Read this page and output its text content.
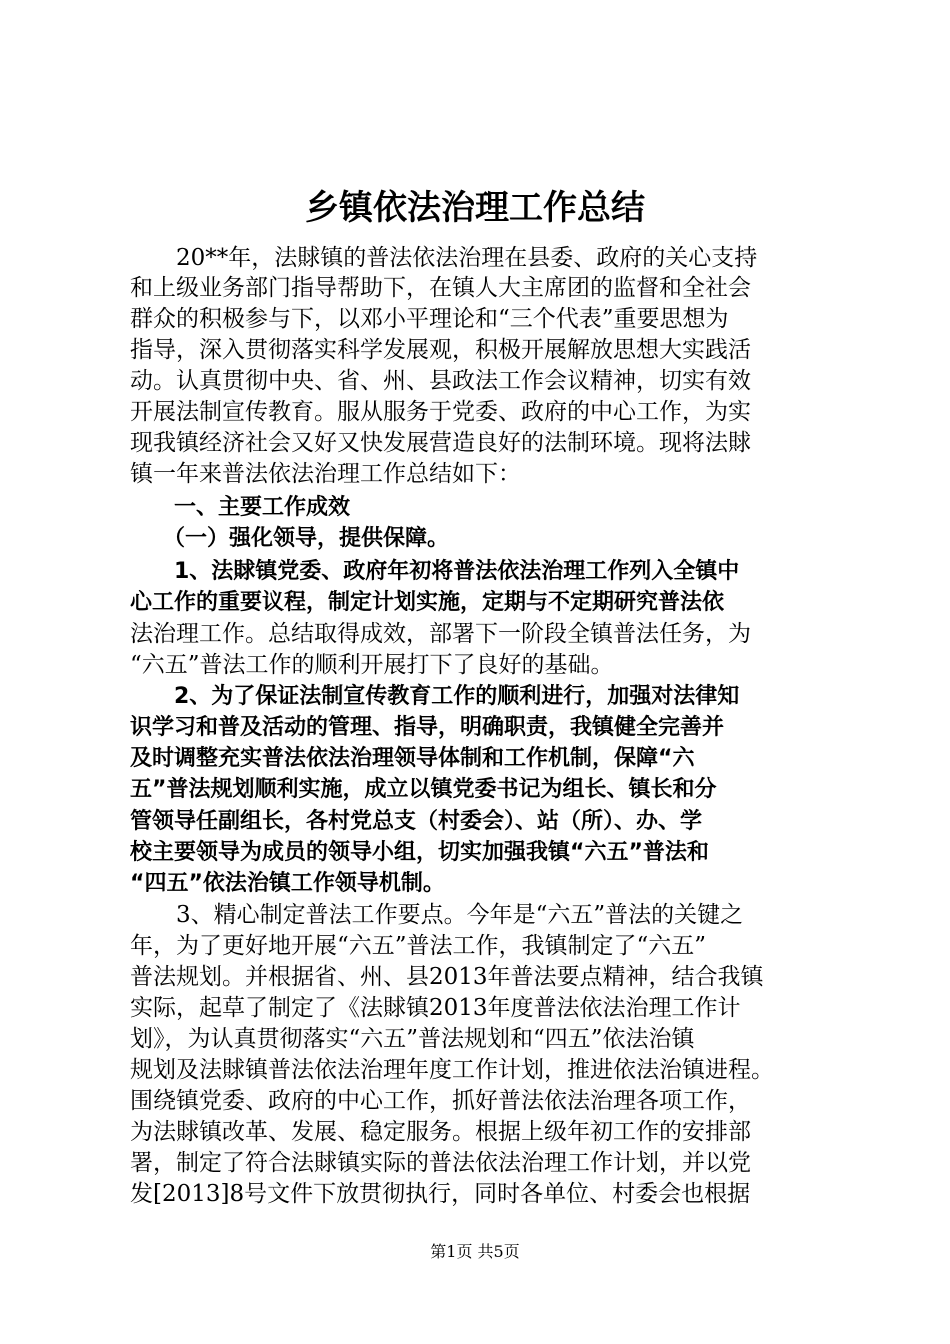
乡镇依法治理工作总结
　　20**年，法賕镇的普法依法治理在县委、政府的关心支持
和上级业务部门指导帮助下，在镇人大主席团的监督和全社会
群众的积极参与下，以邓小平理论和“三个代表”重要思想为
指导，深入贯彻落实科学发展观，积极开展解放思想大实践活
动。认真贯彻中央、省、州、县政法工作会议精神，切实有效
开展法制宣传教育。服从服务于党委、政府的中心工作，为实
现我镇经济社会又好又快发展营造良好的法制环境。现将法賕
镇一年来普法依法治理工作总结如下：
　　一、主要工作成效
　　（一）强化领导，提供保障。
　　1、法賕镇党委、政府年初将普法依法治理工作列入全镇中
心工作的重要议程，制定计划实施，定期与不定期研究普法依
法治理工作。总结取得成效，部署下一阶段全镇普法任务，为
“六五”普法工作的顺利开展打下了良好的基础。
　　2、为了保证法制宣传教育工作的顺利进行，加强对法律知
识学习和普及活动的管理、指导，明确职责，我镇健全完善并
及时调整充实普法依法治理领导体制和工作机制，保障“六
五”普法规划顺利实施，成立以镇党委书记为组长、镇长和分
管领导任副组长，各村党总支（村委会）、站（所）、办、学
校主要领导为成员的领导小组，切实加强我镇“六五”普法和
“四五”依法治镇工作领导机制。
　　3、精心制定普法工作要点。今年是“六五”普法的关键之
年，为了更好地开展“六五”普法工作，我镇制定了“六五”
普法规划。并根据省、州、县2013年普法要点精神，结合我镇
实际，起草了制定了《法賕镇2013年度普法依法治理工作计
划》，为认真贯彻落实“六五”普法规划和“四五”依法治镇
规划及法賕镇普法依法治理年度工作计划，推进依法治镇进程。
围绕镇党委、政府的中心工作，抓好普法依法治理各项工作，
为法賕镇改革、发展、稳定服务。根据上级年初工作的安排部
署，制定了符合法賕镇实际的普法依法治理工作计划，并以党
发[2013]8号文件下放贯彻执行，同时各单位、村委会也根据
第1页 共5页
